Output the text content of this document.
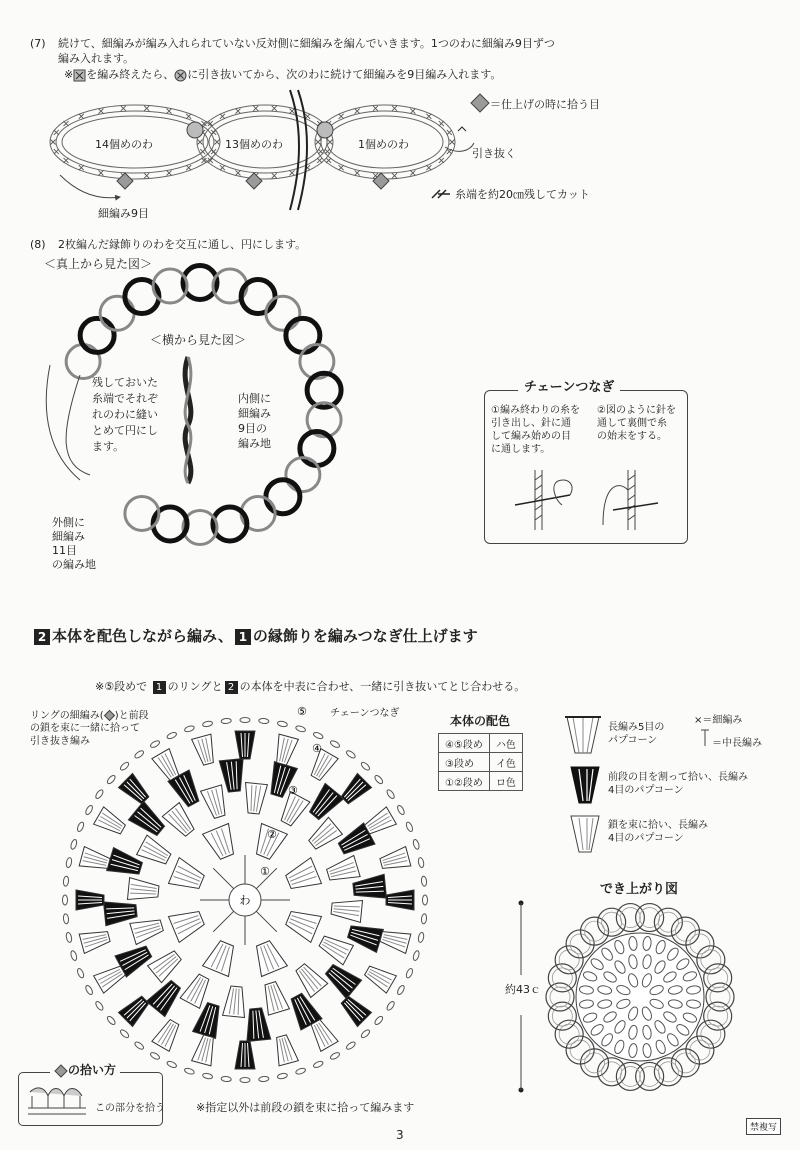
(7) 続けて、細編みが編み入れられていない反対側に細編みを編んでいきます。1つのわに細編み9目ずつ
編み入れます。
※ を編み終えたら、 に引き抜いてから、次のわに続けて細編みを9目編み入れます。
14個めのわ	13個めのわ	1個めのわ
細編み9目
＝仕上げの時に拾う目
引き抜く
糸端を約20㎝残してカット
(8) 2枚編んだ縁飾りのわを交互に通し、円にします。
＜真上から見た図＞
＜横から見た図＞
残しておいた
糸端でそれぞ
れのわに縫い
とめて円にし
ます。
内側に
細編み
9目の
編み地
外側に
細編み
11目
の編み地
チェーンつなぎ
①編み終わりの糸を
引き出し、針に通
して編み始めの目
に通します。
②図のように針を
通して裏側で糸
の始末をする。
2 本体を配色しながら編み、 1 の縁飾りを編みつなぎ仕上げます
※⑤段めで 1 のリングと 2 の本体を中表に合わせ、一緒に引き抜いてとじ合わせる。
リングの細編み( )と前段
の鎖を束に一緒に拾って
引き抜き編み
チェーンつなぎ
わ
①
②
③
④
⑤
本体の配色
④⑤段め	ハ色
③段め	イ色
①②段め	ロ色
長編み5目の
パプコーン
前段の目を割って拾い、長編み
4目のパプコーン
鎖を束に拾い、長編み
4目のパプコーン
×＝細編み
＝中長編み
でき上がり図
約43ｃ
の拾い方
この部分を拾う	※指定以外は前段の鎖を束に拾って編みます
3	禁複写
